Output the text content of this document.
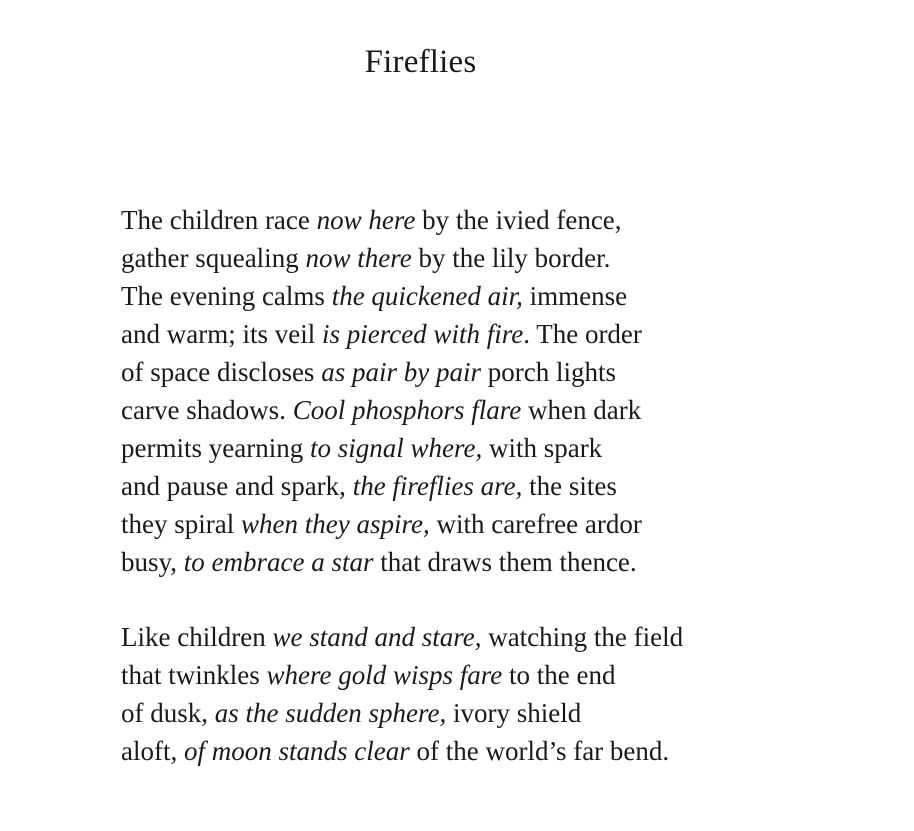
Fireflies
The children race now here by the ivied fence,
gather squealing now there by the lily border.
The evening calms the quickened air, immense
and warm; its veil is pierced with fire. The order
of space discloses as pair by pair porch lights
carve shadows. Cool phosphors flare when dark
permits yearning to signal where, with spark
and pause and spark, the fireflies are, the sites
they spiral when they aspire, with carefree ardor
busy, to embrace a star that draws them thence.
Like children we stand and stare, watching the field
that twinkles where gold wisps fare to the end
of dusk, as the sudden sphere, ivory shield
aloft, of moon stands clear of the world’s far bend.
